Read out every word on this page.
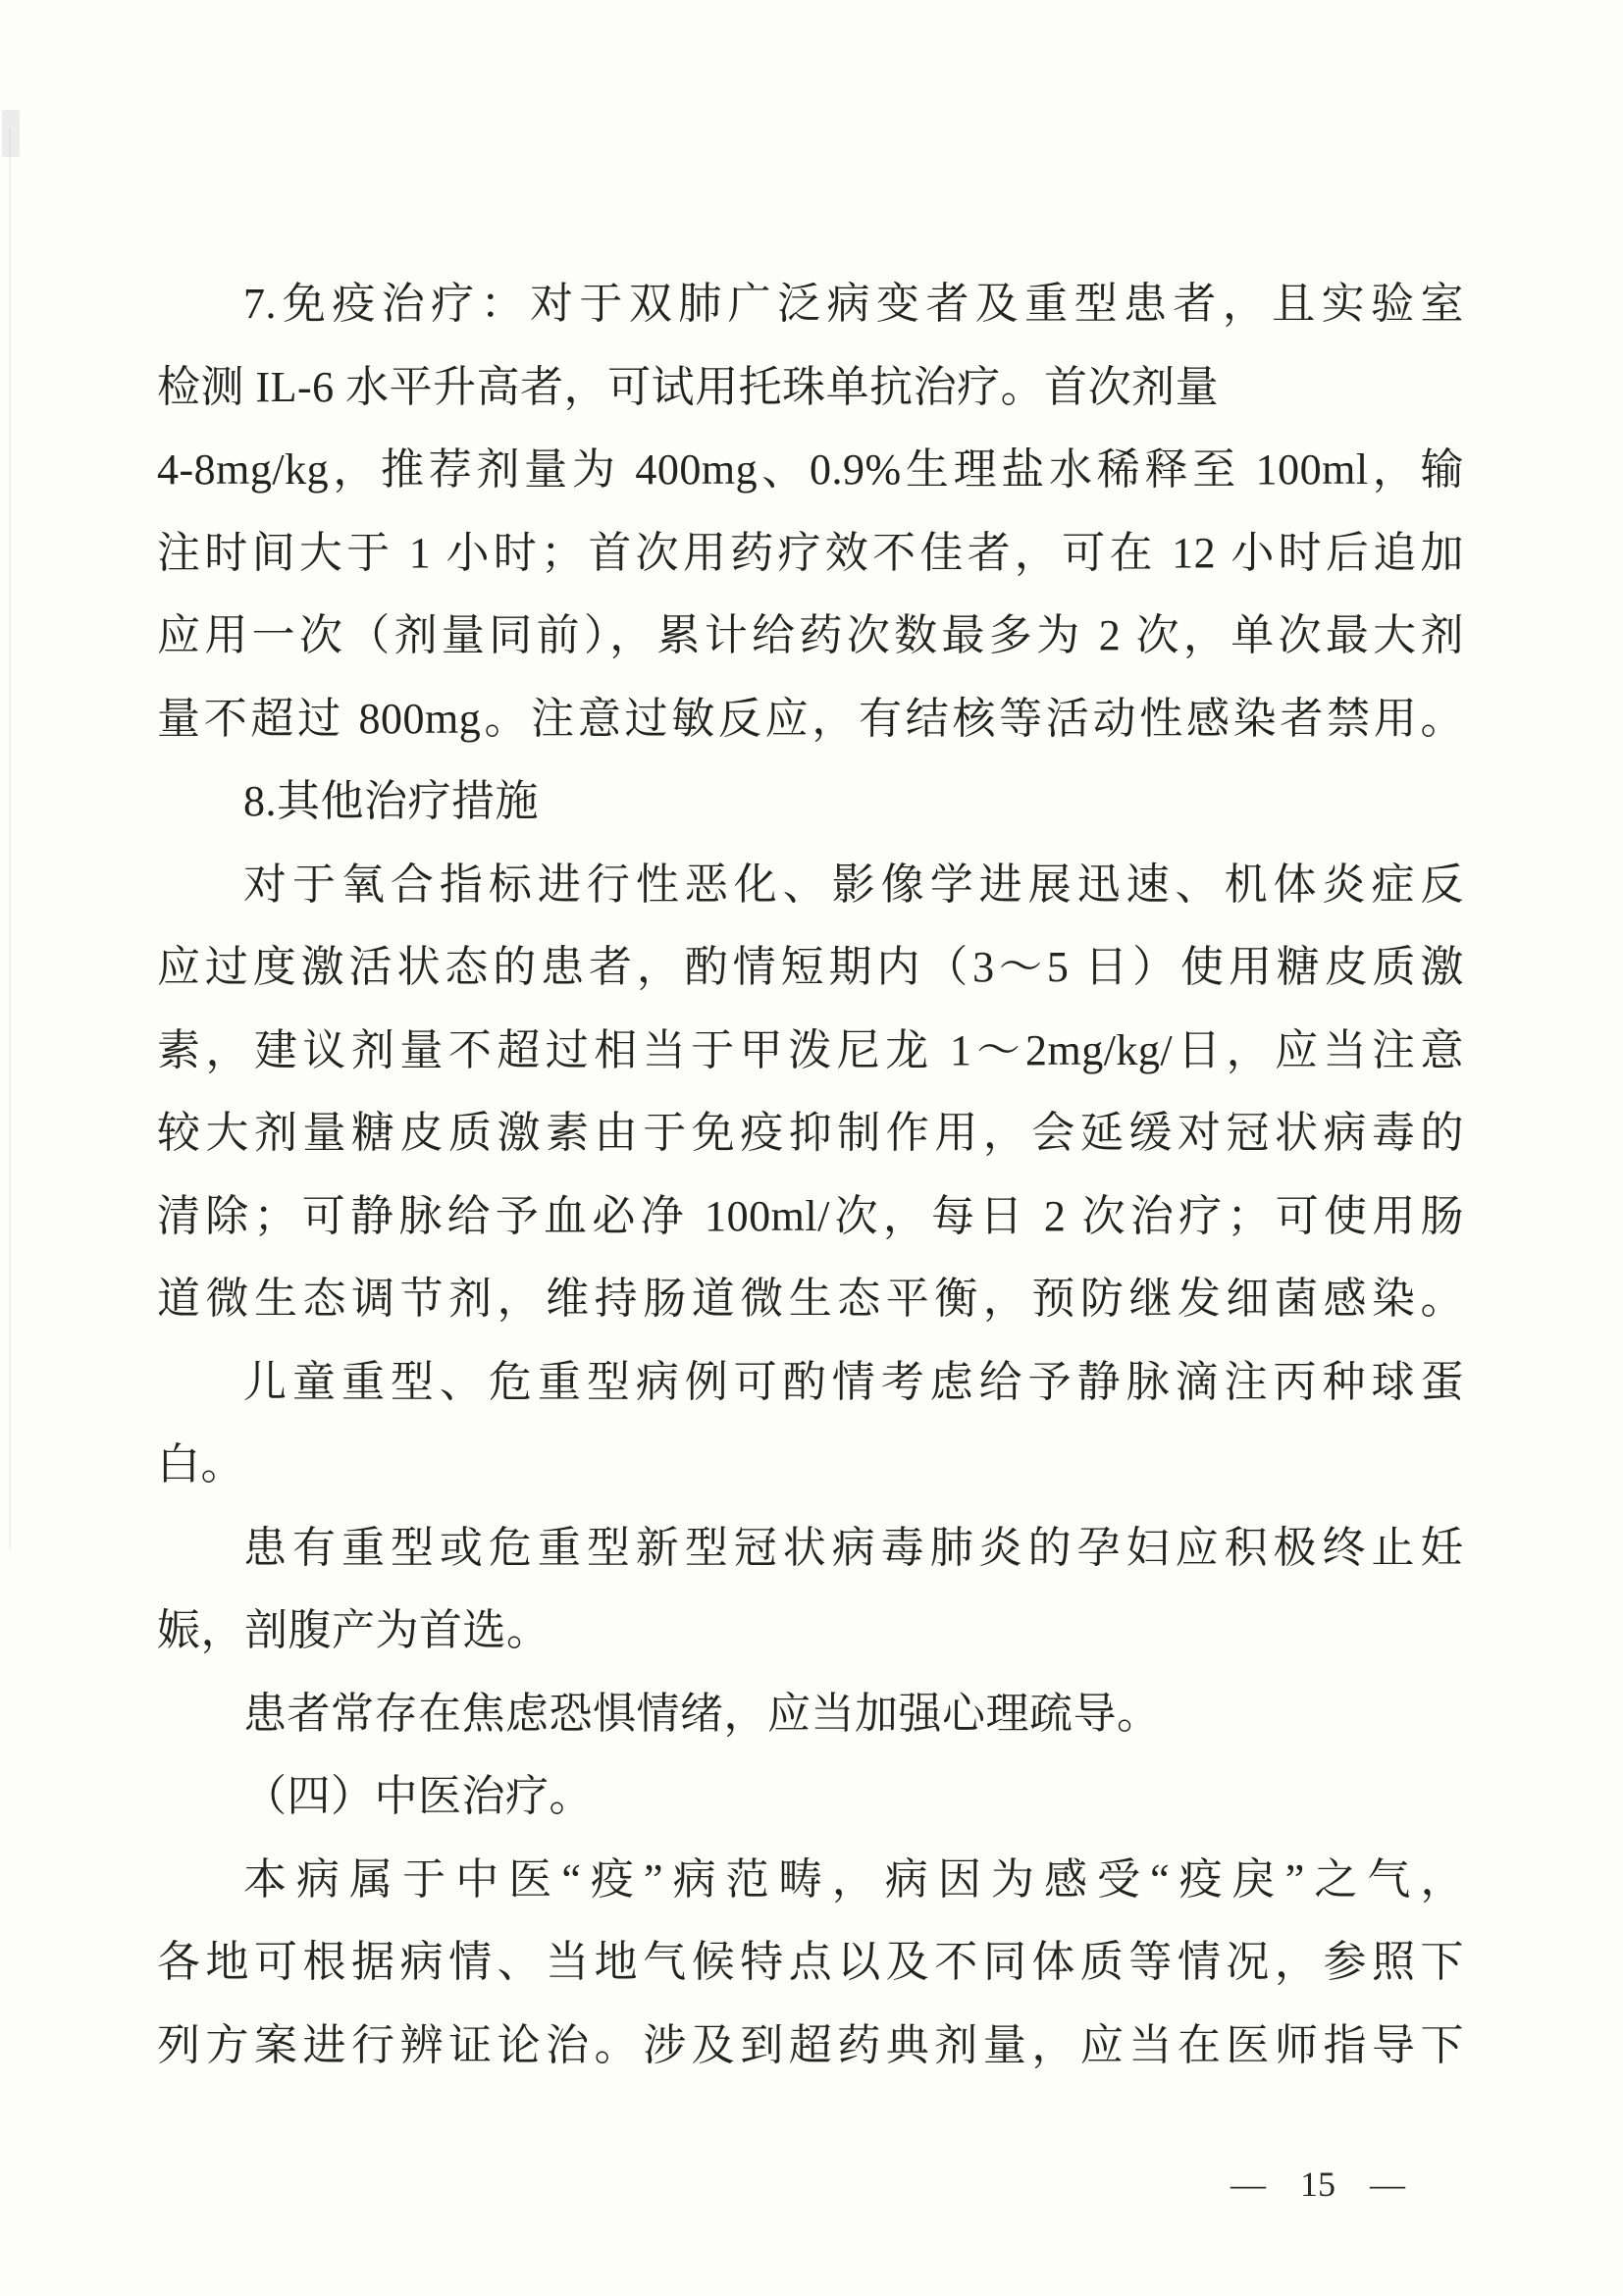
7.免疫治疗：对于双肺广泛病变者及重型患者，且实验室
检测 IL-6 水平升高者，可试用托珠单抗治疗。首次剂量
4-8mg/kg，推荐剂量为 400mg、0.9%生理盐水稀释至 100ml，输
注时间大于 1 小时；首次用药疗效不佳者，可在 12 小时后追加
应用一次（剂量同前），累计给药次数最多为 2 次，单次最大剂
量不超过 800mg。注意过敏反应，有结核等活动性感染者禁用。
8.其他治疗措施
对于氧合指标进行性恶化、影像学进展迅速、机体炎症反
应过度激活状态的患者，酌情短期内（3～5 日）使用糖皮质激
素，建议剂量不超过相当于甲泼尼龙 1～2mg/kg/日，应当注意
较大剂量糖皮质激素由于免疫抑制作用，会延缓对冠状病毒的
清除；可静脉给予血必净 100ml/次，每日 2 次治疗；可使用肠
道微生态调节剂，维持肠道微生态平衡，预防继发细菌感染。
儿童重型、危重型病例可酌情考虑给予静脉滴注丙种球蛋
白。
患有重型或危重型新型冠状病毒肺炎的孕妇应积极终止妊
娠，剖腹产为首选。
患者常存在焦虑恐惧情绪，应当加强心理疏导。
（四）中医治疗。
本病属于中医“疫”病范畴，病因为感受“疫戾”之气，
各地可根据病情、当地气候特点以及不同体质等情况，参照下
列方案进行辨证论治。涉及到超药典剂量，应当在医师指导下
— 15 —
